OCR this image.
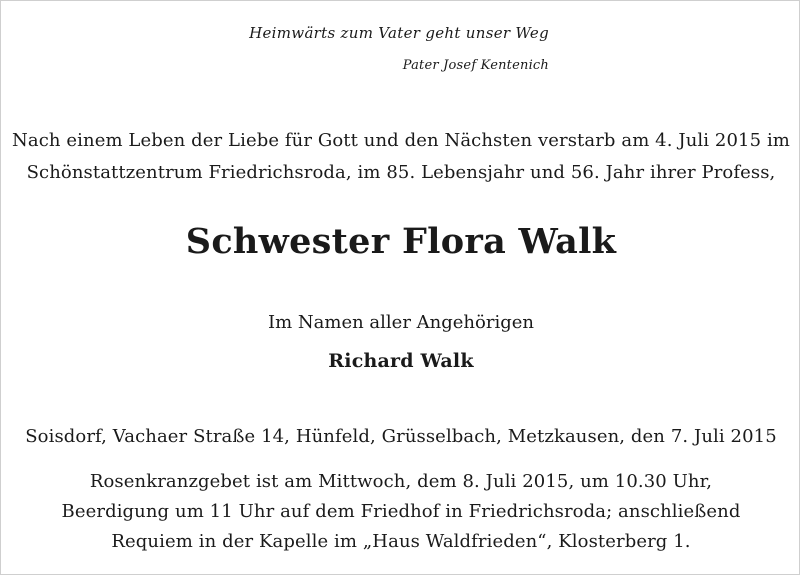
Heimwärts zum Vater geht unser Weg
Pater Josef Kentenich
Nach einem Leben der Liebe für Gott und den Nächsten verstarb am 4. Juli 2015 im
Schönstattzentrum Friedrichsroda, im 85. Lebensjahr und 56. Jahr ihrer Profess,
Schwester Flora Walk
Im Namen aller Angehörigen
Richard Walk
Soisdorf, Vachaer Straße 14, Hünfeld, Grüsselbach, Metzkausen, den 7. Juli 2015
Rosenkranzgebet ist am Mittwoch, dem 8. Juli 2015, um 10.30 Uhr,
Beerdigung um 11 Uhr auf dem Friedhof in Friedrichsroda; anschließend
Requiem in der Kapelle im „Haus Waldfrieden“, Klosterberg 1.
